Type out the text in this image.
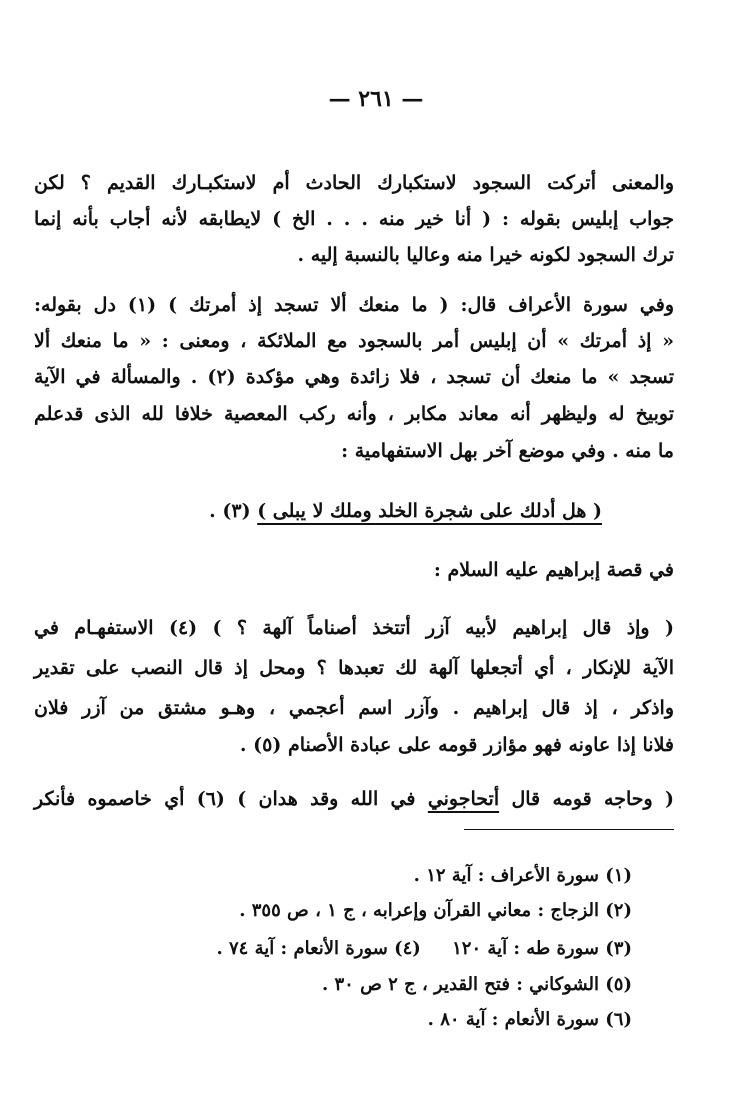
— ٢٦١ —
والمعنى أتركت السجود لاستكبارك الحادث أم لاستكبـارك القديم ؟ لكن
جواب إبليس بقوله : ( أنا خير منه . . . الخ ) لايطابقه لأنه أجاب بأنه إنما
ترك السجود لكونه خيرا منه وعاليا بالنسبة إليه .
وفي سورة الأعراف قال: ( ما منعك ألا تسجد إذ أمرتك ) (١) دل بقوله:
« إذ أمرتك » أن إبليس أمر بالسجود مع الملائكة ، ومعنى : « ما منعك ألا
تسجد » ما منعك أن تسجد ، فلا زائدة وهي مؤكدة (٢) . والمسألة في الآية
توبيخ له وليظهر أنه معاند مكابر ، وأنه ركب المعصية خلافا لله الذى قدعلم
ما منه . وفي موضع آخر بهل الاستفهامية :
( هل أدلك على شجرة الخلد وملك لا يبلى ) (٣) .
في قصة إبراهيم عليه السلام :
( وإذ قال إبراهيم لأبيه آزر أتتخذ أصناماً آلهة ؟ ) (٤) الاستفهـام في
الآية للإنكار ، أي أتجعلها آلهة لك تعبدها ؟ ومحل إذ قال النصب على تقدير
واذكر ، إذ قال إبراهيم . وآزر اسم أعجمي ، وهـو مشتق من آزر فلان
فلانا إذا عاونه فهو مؤازر قومه على عبادة الأصنام (٥) .
( وحاجه قومه قال أتحاجوني في الله وقد هدان ) (٦) أي خاصموه فأنكر
(١) سورة الأعراف : آية ١٢ .
(٢) الزجاج : معاني القرآن وإعرابه ، ج ١ ، ص ٣٥٥ .
(٣) سورة طه : آية ١٢٠     (٤) سورة الأنعام : آية ٧٤ .
(٥) الشوكاني : فتح القدير ، ج ٢ ص ٣٠ .
(٦) سورة الأنعام : آية ٨٠ .
